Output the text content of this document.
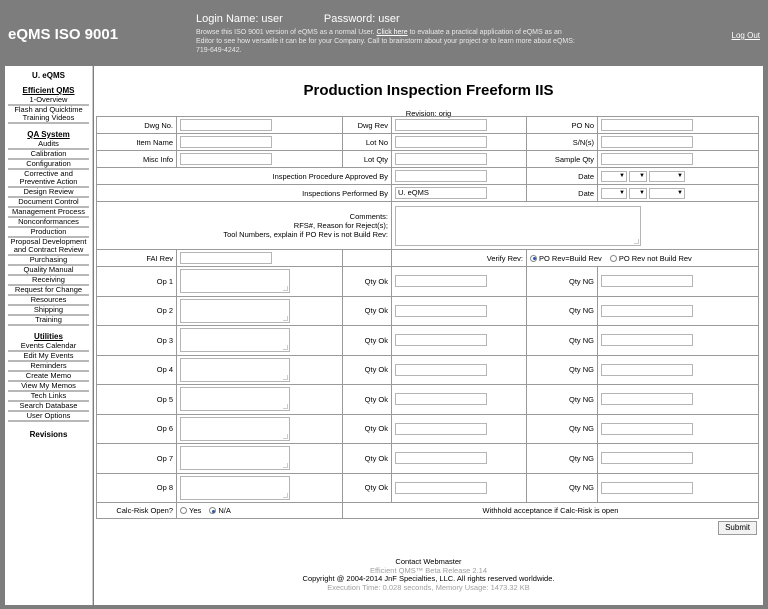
eQMS ISO 9001
Login Name: user	Password: user
Browse this ISO 9001 version of eQMS as a normal User. Click here to evaluate a practical application of eQMS as an Editor to see how versatile it can be for your Company. Call to brainstorm about your project or to learn more about eQMS: 719-649-4242.
Log Out
U. eQMS
Efficient QMS
1-Overview
Flash and Quicktime Training Videos
QA System
Audits
Calibration
Configuration
Corrective and Preventive Action
Design Review
Document Control
Management Process
Nonconformances
Production
Proposal Development and Contract Review
Purchasing
Quality Manual
Receiving
Request for Change
Resources
Shipping
Training
Utilities
Events Calendar
Edit My Events
Reminders
Create Memo
View My Memos
Tech Links
Search Database
User Options
Revisions
Production Inspection Freeform IIS
Revision: orig
Dwg No.		Dwg Rev		PO No	
Item Name		Lot No		S/N(s)	
Misc Info		Lot Qty		Sample Qty	
Inspection Procedure Approved By				Date	▼ ▼ ▼
Inspections Performed By			U. eQMS	Date	▼ ▼ ▼

Comments:
RFS#, Reason for Reject(s);
Tool Numbers, explain if PO Rev is not Build Rev:					

FAI Rev			Verify Rev:	PO Rev=Build Rev PO Rev not Build Rev	
Op 1		Qty Ok		Qty NG	
Op 2		Qty Ok		Qty NG	
Op 3		Qty Ok		Qty NG	
Op 4		Qty Ok		Qty NG	
Op 5		Qty Ok		Qty NG	
Op 6		Qty Ok		Qty NG	
Op 7		Qty Ok		Qty NG	
Op 8		Qty Ok		Qty NG	
Calc-Risk Open?	Yes N/A	Withhold acceptance if Calc-Risk is open			
Submit
Contact Webmaster
Efficient QMS™ Beta Release 2.14
Copyright @ 2004-2014 JnF Specialties, LLC. All rights reserved worldwide.
Execution Time: 0.028 seconds, Memory Usage: 1473.32 KB
